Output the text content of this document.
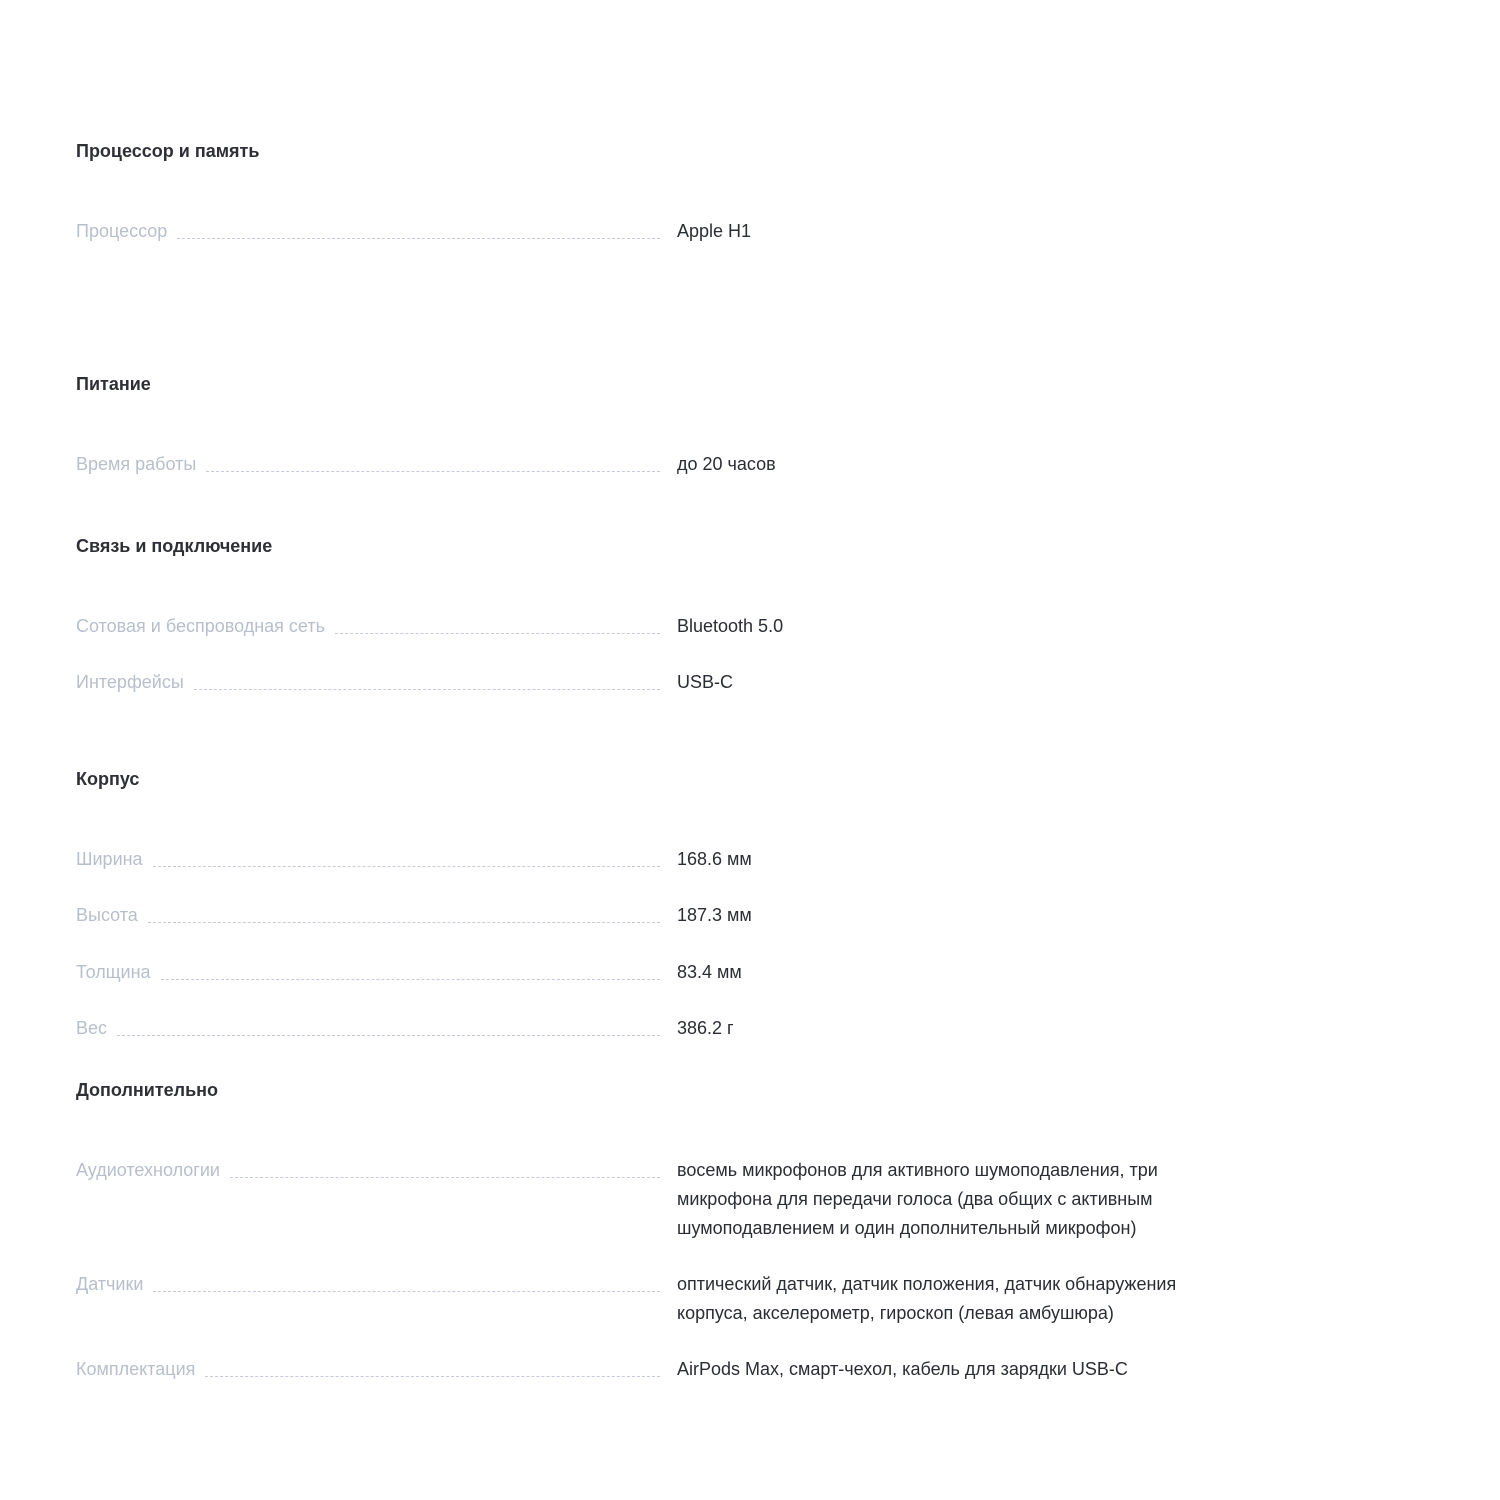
Процессор и память
Процессор	Apple H1
Питание
Время работы	до 20 часов
Связь и подключение
Сотовая и беспроводная сеть	Bluetooth 5.0
Интерфейсы	USB-C
Корпус
Ширина	168.6 мм
Высота	187.3 мм
Толщина	83.4 мм
Вес	386.2 г
Дополнительно
Аудиотехнологии	восемь микрофонов для активного шумоподавления, три микрофона для передачи голоса (два общих с активным шумоподавлением и один дополнительный микрофон)
Датчики	оптический датчик, датчик положения, датчик обнаружения корпуса, акселерометр, гироскоп (левая амбушюра)
Комплектация	AirPods Max, смарт-чехол, кабель для зарядки USB-C
